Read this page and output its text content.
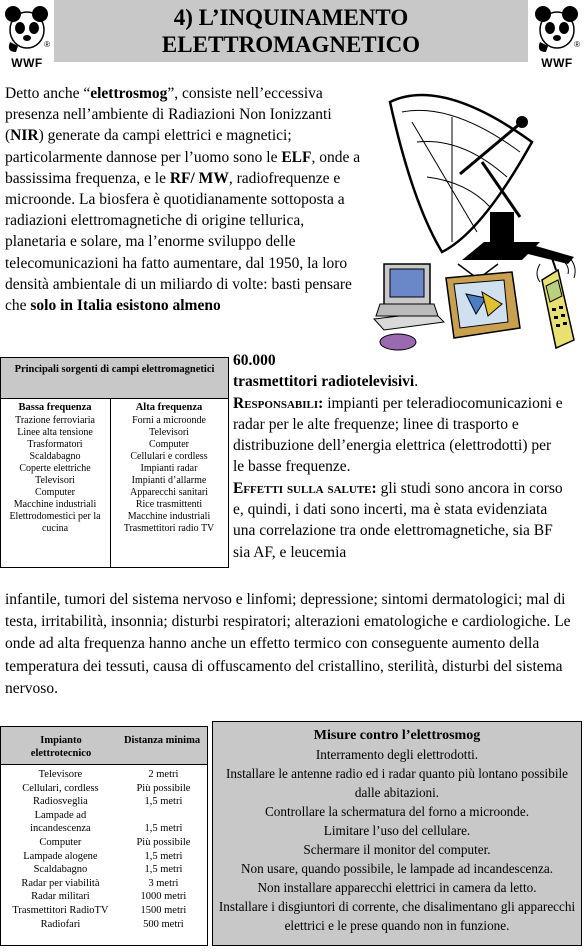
®
WWF
4) L’INQUINAMENTO
ELETTROMAGNETICO	®
WWF
Detto anche “elettrosmog”, consiste nell’eccessiva presenza nell’ambiente di Radiazioni Non Ionizzanti (NIR) generate da campi elettrici e magnetici; particolarmente dannose per l’uomo sono le ELF, onde a bassissima frequenza, e le RF/ MW, radiofrequenze e microonde. La biosfera è quotidianamente sottoposta a radiazioni elettromagnetiche di origine tellurica, planetaria e solare, ma l’enorme sviluppo delle telecomunicazioni ha fatto aumentare, dal 1950, la loro densità ambientale di un miliardo di volte: basti pensare che solo in Italia esistono almeno
Principali sorgenti di campi elettromagnetici
Bassa frequenza
Trazione ferroviaria
Linee alta tensione
Trasformatori
Scaldabagno
Coperte elettriche
Televisori
Computer
Macchine industriali
Elettrodomestici per la cucina
Alta frequenza
Forni a microonde
Televisori
Computer
Cellulari e cordless
Impianti radar
Impianti d’allarme
Apparecchi sanitari
Rice trasmittenti
Macchine industriali
Trasmettitori radio TV
60.000
trasmettitori radiotelevisivi.
Responsabili: impianti per teleradiocomunicazioni e radar per le alte frequenze; linee di trasporto e distribuzione dell’energia elettrica (elettrodotti) per le basse frequenze.
Effetti sulla salute: gli studi sono ancora in corso e, quindi, i dati sono incerti, ma è stata evidenziata una correlazione tra onde elettromagnetiche, sia BF sia AF, e leucemia
infantile, tumori del sistema nervoso e linfomi; depressione; sintomi dermatologici; mal di testa, irritabilità, insonnia; disturbi respiratori; alterazioni ematologiche e cardiologiche. Le onde ad alta frequenza hanno anche un effetto termico con conseguente aumento della temperatura dei tessuti, causa di offuscamento del cristallino, sterilità, disturbi del sistema nervoso.
Impianto elettrotecnico
Distanza minima
Televisore	2 metri
Cellulari, cordless	Più possibile
Radiosveglia	1,5 metri
Lampade ad
incandescenza	1,5 metri
Computer	Più possibile
Lampade alogene	1,5 metri
Scaldabagno	1,5 metri
Radar per viabilità	3 metri
Radar militari	1000 metri
Trasmettitori RadioTV	1500 metri
Radiofari	500 metri
Misure contro l’elettrosmog
Interramento degli elettrodotti.
Installare le antenne radio ed i radar quanto più lontano possibile dalle abitazioni.
Controllare la schermatura del forno a microonde.
Limitare l’uso del cellulare.
Schermare il monitor del computer.
Non usare, quando possibile, le lampade ad incandescenza.
Non installare apparecchi elettrici in camera da letto.
Installare i disgiuntori di corrente, che disalimentano gli apparecchi elettrici e le prese quando non in funzione.
